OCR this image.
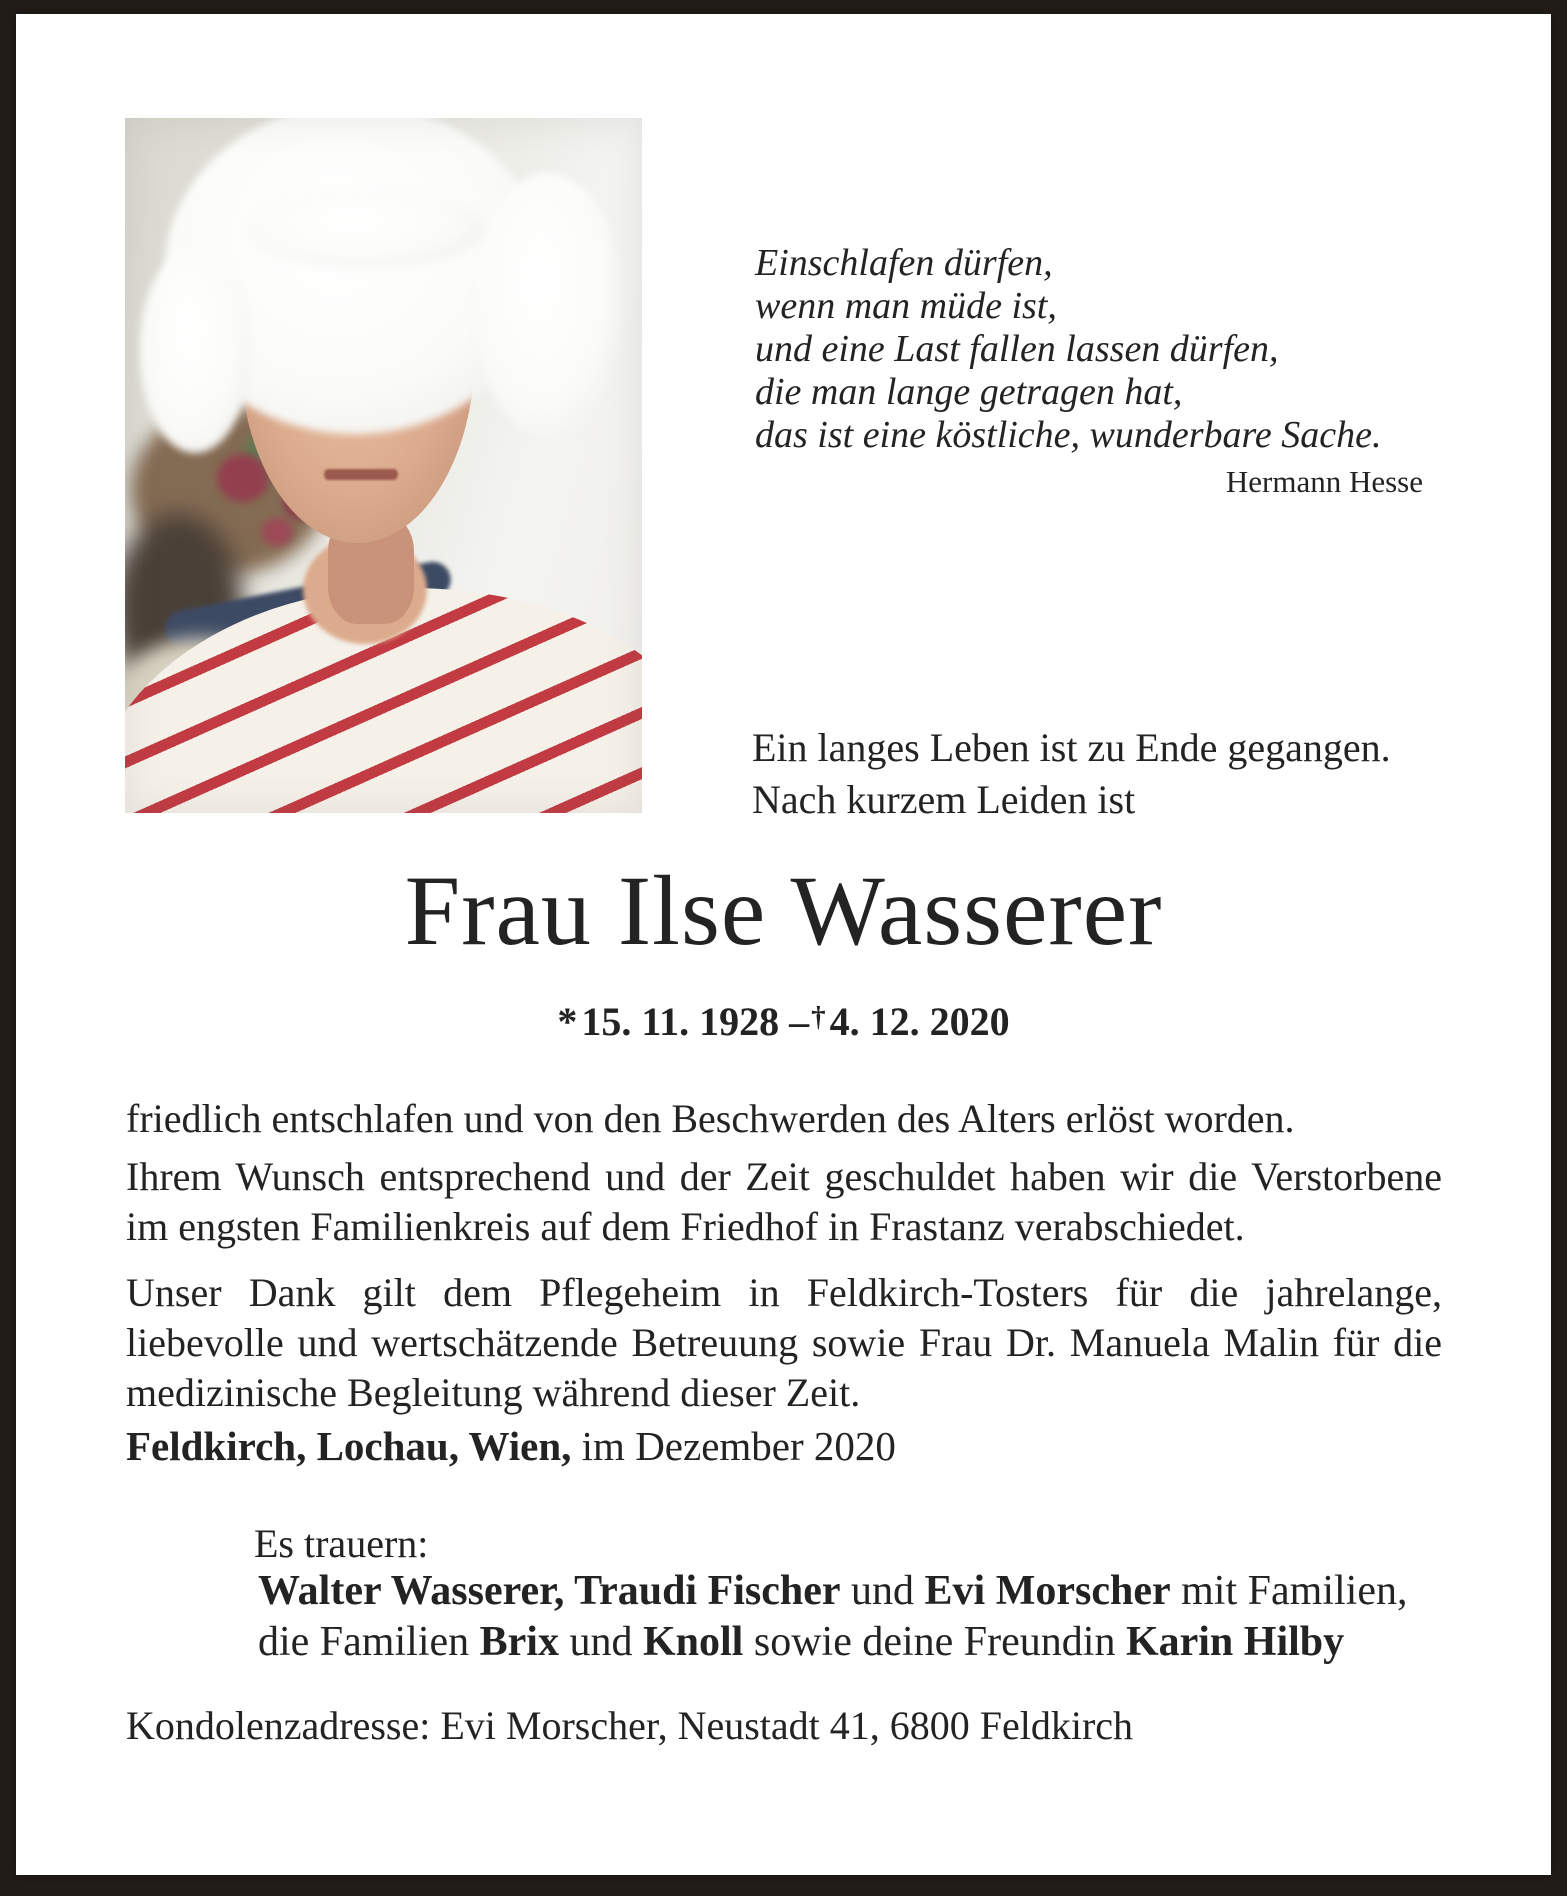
Einschlafen dürfen,
wenn man müde ist,
und eine Last fallen lassen dürfen,
die man lange getragen hat,
das ist eine köstliche, wunderbare Sache.
Hermann Hesse
Ein langes Leben ist zu Ende gegangen.
Nach kurzem Leiden ist
Frau Ilse Wasserer
* 15. 11. 1928 –† 4. 12. 2020
friedlich entschlafen und von den Beschwerden des Alters erlöst worden.
Ihrem Wunsch entsprechend und der Zeit geschuldet haben wir die Verstorbene im engsten Familienkreis auf dem Friedhof in Frastanz verabschiedet.
Unser Dank gilt dem Pflegeheim in Feldkirch-Tosters für die jahrelange, liebevolle und wertschätzende Betreuung sowie Frau Dr. Manuela Malin für die medizinische Begleitung während dieser Zeit.
Feldkirch, Lochau, Wien, im Dezember 2020
Es trauern:
Walter Wasserer, Traudi Fischer und Evi Morscher mit Familien,
die Familien Brix und Knoll sowie deine Freundin Karin Hilby
Kondolenzadresse: Evi Morscher, Neustadt 41, 6800 Feldkirch
